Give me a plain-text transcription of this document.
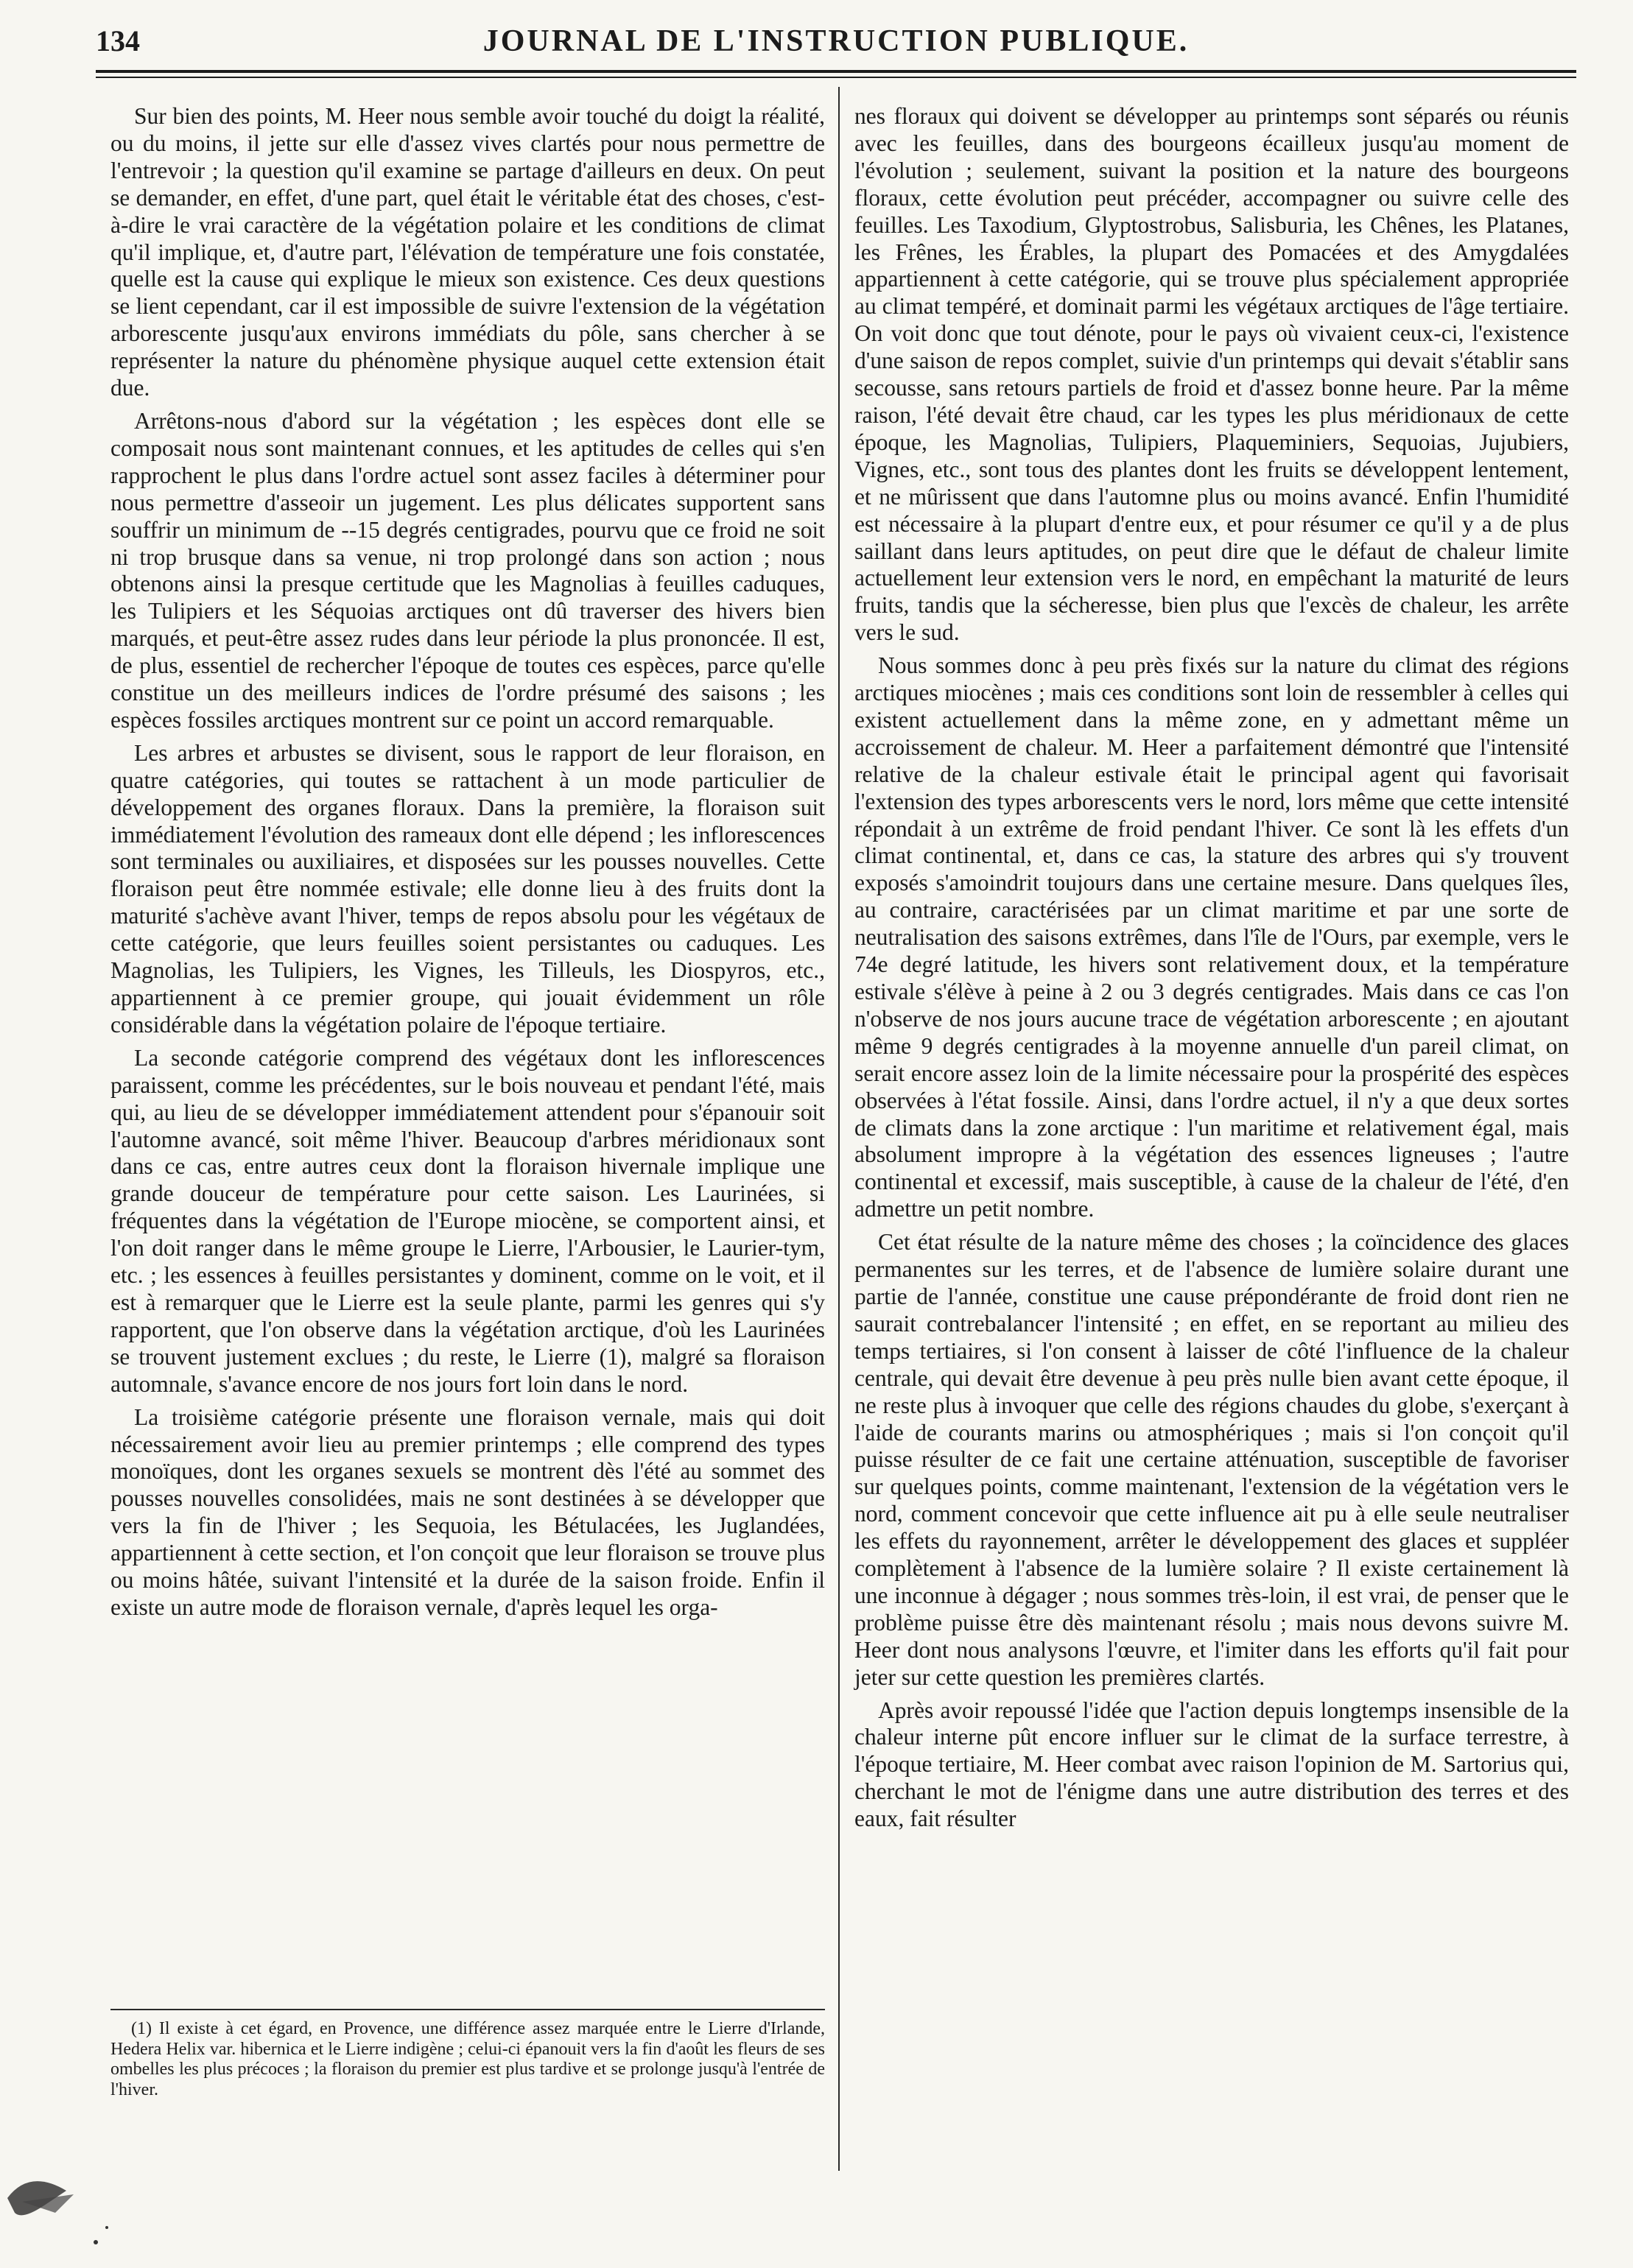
134	JOURNAL DE L'INSTRUCTION PUBLIQUE.

Sur bien des points, M. Heer nous semble avoir touché du doigt la réalité, ou du moins, il jette sur elle d'assez vives clartés pour nous permettre de l'entrevoir ; la question qu'il examine se partage d'ailleurs en deux. On peut se demander, en effet, d'une part, quel était le véritable état des choses, c'est-à-dire le vrai caractère de la végétation polaire et les conditions de climat qu'il implique, et, d'autre part, l'élévation de température une fois constatée, quelle est la cause qui explique le mieux son existence. Ces deux questions se lient cependant, car il est impossible de suivre l'extension de la végétation arborescente jusqu'aux environs immédiats du pôle, sans chercher à se représenter la nature du phénomène physique auquel cette extension était due.

Arrêtons-nous d'abord sur la végétation ; les espèces dont elle se composait nous sont maintenant connues, et les aptitudes de celles qui s'en rapprochent le plus dans l'ordre actuel sont assez faciles à déterminer pour nous permettre d'asseoir un jugement. Les plus délicates supportent sans souffrir un minimum de --15 degrés centigrades, pourvu que ce froid ne soit ni trop brusque dans sa venue, ni trop prolongé dans son action ; nous obtenons ainsi la presque certitude que les Magnolias à feuilles caduques, les Tulipiers et les Séquoias arctiques ont dû traverser des hivers bien marqués, et peut-être assez rudes dans leur période la plus prononcée. Il est, de plus, essentiel de rechercher l'époque de toutes ces espèces, parce qu'elle constitue un des meilleurs indices de l'ordre présumé des saisons ; les espèces fossiles arctiques montrent sur ce point un accord remarquable.

Les arbres et arbustes se divisent, sous le rapport de leur floraison, en quatre catégories, qui toutes se rattachent à un mode particulier de développement des organes floraux. Dans la première, la floraison suit immédiatement l'évolution des rameaux dont elle dépend ; les inflorescences sont terminales ou auxiliaires, et disposées sur les pousses nouvelles. Cette floraison peut être nommée estivale; elle donne lieu à des fruits dont la maturité s'achève avant l'hiver, temps de repos absolu pour les végétaux de cette catégorie, que leurs feuilles soient persistantes ou caduques. Les Magnolias, les Tulipiers, les Vignes, les Tilleuls, les Diospyros, etc., appartiennent à ce premier groupe, qui jouait évidemment un rôle considérable dans la végétation polaire de l'époque tertiaire.

La seconde catégorie comprend des végétaux dont les inflorescences paraissent, comme les précédentes, sur le bois nouveau et pendant l'été, mais qui, au lieu de se développer immédiatement attendent pour s'épanouir soit l'automne avancé, soit même l'hiver. Beaucoup d'arbres méridionaux sont dans ce cas, entre autres ceux dont la floraison hivernale implique une grande douceur de température pour cette saison. Les Laurinées, si fréquentes dans la végétation de l'Europe miocène, se comportent ainsi, et l'on doit ranger dans le même groupe le Lierre, l'Arbousier, le Laurier-tym, etc. ; les essences à feuilles persistantes y dominent, comme on le voit, et il est à remarquer que le Lierre est la seule plante, parmi les genres qui s'y rapportent, que l'on observe dans la végétation arctique, d'où les Laurinées se trouvent justement exclues ; du reste, le Lierre (1), malgré sa floraison automnale, s'avance encore de nos jours fort loin dans le nord.

La troisième catégorie présente une floraison vernale, mais qui doit nécessairement avoir lieu au premier printemps ; elle comprend des types monoïques, dont les organes sexuels se montrent dès l'été au sommet des pousses nouvelles consolidées, mais ne sont destinées à se développer que vers la fin de l'hiver ; les Sequoia, les Bétulacées, les Juglandées, appartiennent à cette section, et l'on conçoit que leur floraison se trouve plus ou moins hâtée, suivant l'intensité et la durée de la saison froide. Enfin il existe un autre mode de floraison vernale, d'après lequel les orga-

nes floraux qui doivent se développer au printemps sont séparés ou réunis avec les feuilles, dans des bourgeons écailleux jusqu'au moment de l'évolution ; seulement, suivant la position et la nature des bourgeons floraux, cette évolution peut précéder, accompagner ou suivre celle des feuilles. Les Taxodium, Glyptostrobus, Salisburia, les Chênes, les Platanes, les Frênes, les Érables, la plupart des Pomacées et des Amygdalées appartiennent à cette catégorie, qui se trouve plus spécialement appropriée au climat tempéré, et dominait parmi les végétaux arctiques de l'âge tertiaire. On voit donc que tout dénote, pour le pays où vivaient ceux-ci, l'existence d'une saison de repos complet, suivie d'un printemps qui devait s'établir sans secousse, sans retours partiels de froid et d'assez bonne heure. Par la même raison, l'été devait être chaud, car les types les plus méridionaux de cette époque, les Magnolias, Tulipiers, Plaqueminiers, Sequoias, Jujubiers, Vignes, etc., sont tous des plantes dont les fruits se développent lentement, et ne mûrissent que dans l'automne plus ou moins avancé. Enfin l'humidité est nécessaire à la plupart d'entre eux, et pour résumer ce qu'il y a de plus saillant dans leurs aptitudes, on peut dire que le défaut de chaleur limite actuellement leur extension vers le nord, en empêchant la maturité de leurs fruits, tandis que la sécheresse, bien plus que l'excès de chaleur, les arrête vers le sud.

Nous sommes donc à peu près fixés sur la nature du climat des régions arctiques miocènes ; mais ces conditions sont loin de ressembler à celles qui existent actuellement dans la même zone, en y admettant même un accroissement de chaleur. M. Heer a parfaitement démontré que l'intensité relative de la chaleur estivale était le principal agent qui favorisait l'extension des types arborescents vers le nord, lors même que cette intensité répondait à un extrême de froid pendant l'hiver. Ce sont là les effets d'un climat continental, et, dans ce cas, la stature des arbres qui s'y trouvent exposés s'amoindrit toujours dans une certaine mesure. Dans quelques îles, au contraire, caractérisées par un climat maritime et par une sorte de neutralisation des saisons extrêmes, dans l'île de l'Ours, par exemple, vers le 74e degré latitude, les hivers sont relativement doux, et la température estivale s'élève à peine à 2 ou 3 degrés centigrades. Mais dans ce cas l'on n'observe de nos jours aucune trace de végétation arborescente ; en ajoutant même 9 degrés centigrades à la moyenne annuelle d'un pareil climat, on serait encore assez loin de la limite nécessaire pour la prospérité des espèces observées à l'état fossile. Ainsi, dans l'ordre actuel, il n'y a que deux sortes de climats dans la zone arctique : l'un maritime et relativement égal, mais absolument impropre à la végétation des essences ligneuses ; l'autre continental et excessif, mais susceptible, à cause de la chaleur de l'été, d'en admettre un petit nombre.

Cet état résulte de la nature même des choses ; la coïncidence des glaces permanentes sur les terres, et de l'absence de lumière solaire durant une partie de l'année, constitue une cause prépondérante de froid dont rien ne saurait contrebalancer l'intensité ; en effet, en se reportant au milieu des temps tertiaires, si l'on consent à laisser de côté l'influence de la chaleur centrale, qui devait être devenue à peu près nulle bien avant cette époque, il ne reste plus à invoquer que celle des régions chaudes du globe, s'exerçant à l'aide de courants marins ou atmosphériques ; mais si l'on conçoit qu'il puisse résulter de ce fait une certaine atténuation, susceptible de favoriser sur quelques points, comme maintenant, l'extension de la végétation vers le nord, comment concevoir que cette influence ait pu à elle seule neutraliser les effets du rayonnement, arrêter le développement des glaces et suppléer complètement à l'absence de la lumière solaire ? Il existe certainement là une inconnue à dégager ; nous sommes très-loin, il est vrai, de penser que le problème puisse être dès maintenant résolu ; mais nous devons suivre M. Heer dont nous analysons l'œuvre, et l'imiter dans les efforts qu'il fait pour jeter sur cette question les premières clartés.

Après avoir repoussé l'idée que l'action depuis longtemps insensible de la chaleur interne pût encore influer sur le climat de la surface terrestre, à l'époque tertiaire, M. Heer combat avec raison l'opinion de M. Sartorius qui, cherchant le mot de l'énigme dans une autre distribution des terres et des eaux, fait résulter

(1) Il existe à cet égard, en Provence, une différence assez marquée entre le Lierre d'Irlande, Hedera Helix var. hibernica et le Lierre indigène ; celui-ci épanouit vers la fin d'août les fleurs de ses ombelles les plus précoces ; la floraison du premier est plus tardive et se prolonge jusqu'à l'entrée de l'hiver.
